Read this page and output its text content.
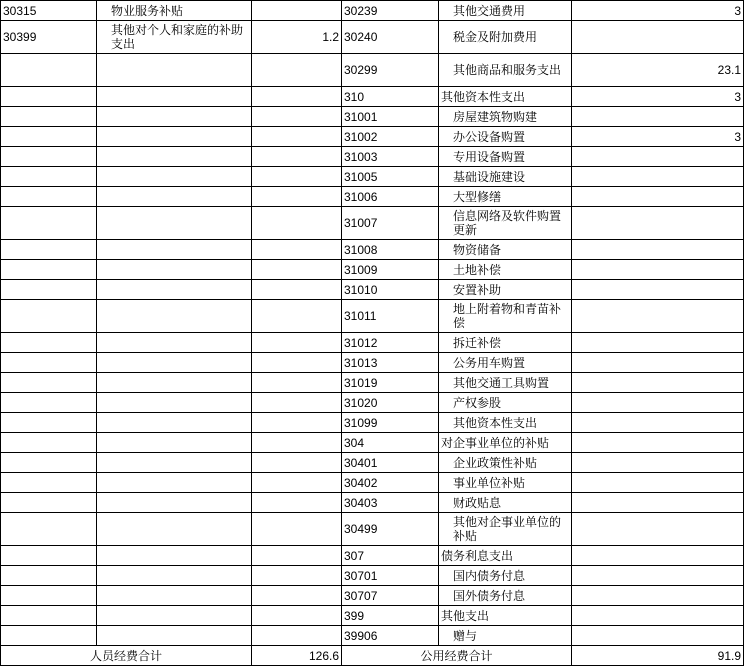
30315	物业服务补贴		30239	其他交通费用	3
30399	其他对个人和家庭的补助支出	1.2	30240	税金及附加费用	
			30299	其他商品和服务支出	23.1
			310	其他资本性支出	3
			31001	房屋建筑物购建	
			31002	办公设备购置	3
			31003	专用设备购置	
			31005	基础设施建设	
			31006	大型修缮	
			31007	信息网络及软件购置更新	
			31008	物资储备	
			31009	土地补偿	
			31010	安置补助	
			31011	地上附着物和青苗补偿	
			31012	拆迁补偿	
			31013	公务用车购置	
			31019	其他交通工具购置	
			31020	产权参股	
			31099	其他资本性支出	
			304	对企事业单位的补贴	
			30401	企业政策性补贴	
			30402	事业单位补贴	
			30403	财政贴息	
			30499	其他对企事业单位的补贴	
			307	债务利息支出	
			30701	国内债务付息	
			30707	国外债务付息	
			399	其他支出	
			39906	赠与	
人员经费合计		126.6	公用经费合计		91.9
